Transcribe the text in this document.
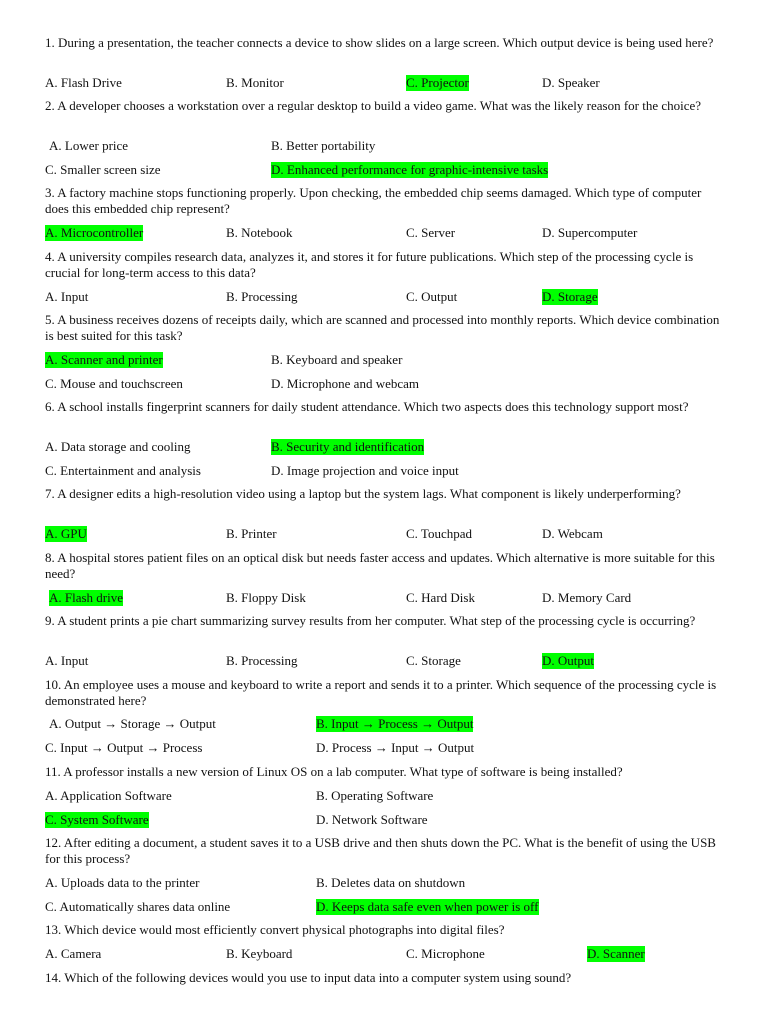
1. During a presentation, the teacher connects a device to show slides on a large screen. Which output device is being used here?
A. Flash Drive	B. Monitor	C. Projector	D. Speaker
2. A developer chooses a workstation over a regular desktop to build a video game. What was the likely reason for the choice?
A. Lower price	B. Better portability
C. Smaller screen size	D. Enhanced performance for graphic-intensive tasks
3. A factory machine stops functioning properly. Upon checking, the embedded chip seems damaged. Which type of computer does this embedded chip represent?
A. Microcontroller	B. Notebook	C. Server	D. Supercomputer
4. A university compiles research data, analyzes it, and stores it for future publications. Which step of the processing cycle is crucial for long-term access to this data?
A. Input	B. Processing	C. Output	D. Storage
5. A business receives dozens of receipts daily, which are scanned and processed into monthly reports. Which device combination is best suited for this task?
A. Scanner and printer	B. Keyboard and speaker
C. Mouse and touchscreen	D. Microphone and webcam
6. A school installs fingerprint scanners for daily student attendance. Which two aspects does this technology support most?
A. Data storage and cooling	B. Security and identification
C. Entertainment and analysis	D. Image projection and voice input
7. A designer edits a high-resolution video using a laptop but the system lags. What component is likely underperforming?
A. GPU	B. Printer	C. Touchpad	D. Webcam
8. A hospital stores patient files on an optical disk but needs faster access and updates. Which alternative is more suitable for this need?
A. Flash drive	B. Floppy Disk	C. Hard Disk	D. Memory Card
9. A student prints a pie chart summarizing survey results from her computer. What step of the processing cycle is occurring?
A. Input	B. Processing	C. Storage	D. Output
10. An employee uses a mouse and keyboard to write a report and sends it to a printer. Which sequence of the processing cycle is demonstrated here?
A. Output → Storage → Output	B. Input → Process → Output
C. Input → Output → Process	D. Process → Input → Output
11. A professor installs a new version of Linux OS on a lab computer. What type of software is being installed?
A. Application Software	B. Operating Software
C. System Software	D. Network Software
12. After editing a document, a student saves it to a USB drive and then shuts down the PC. What is the benefit of using the USB for this process?
A. Uploads data to the printer	B. Deletes data on shutdown
C. Automatically shares data online	D. Keeps data safe even when power is off
13. Which device would most efficiently convert physical photographs into digital files?
A. Camera	B. Keyboard	C. Microphone	D. Scanner
14. Which of the following devices would you use to input data into a computer system using sound?
